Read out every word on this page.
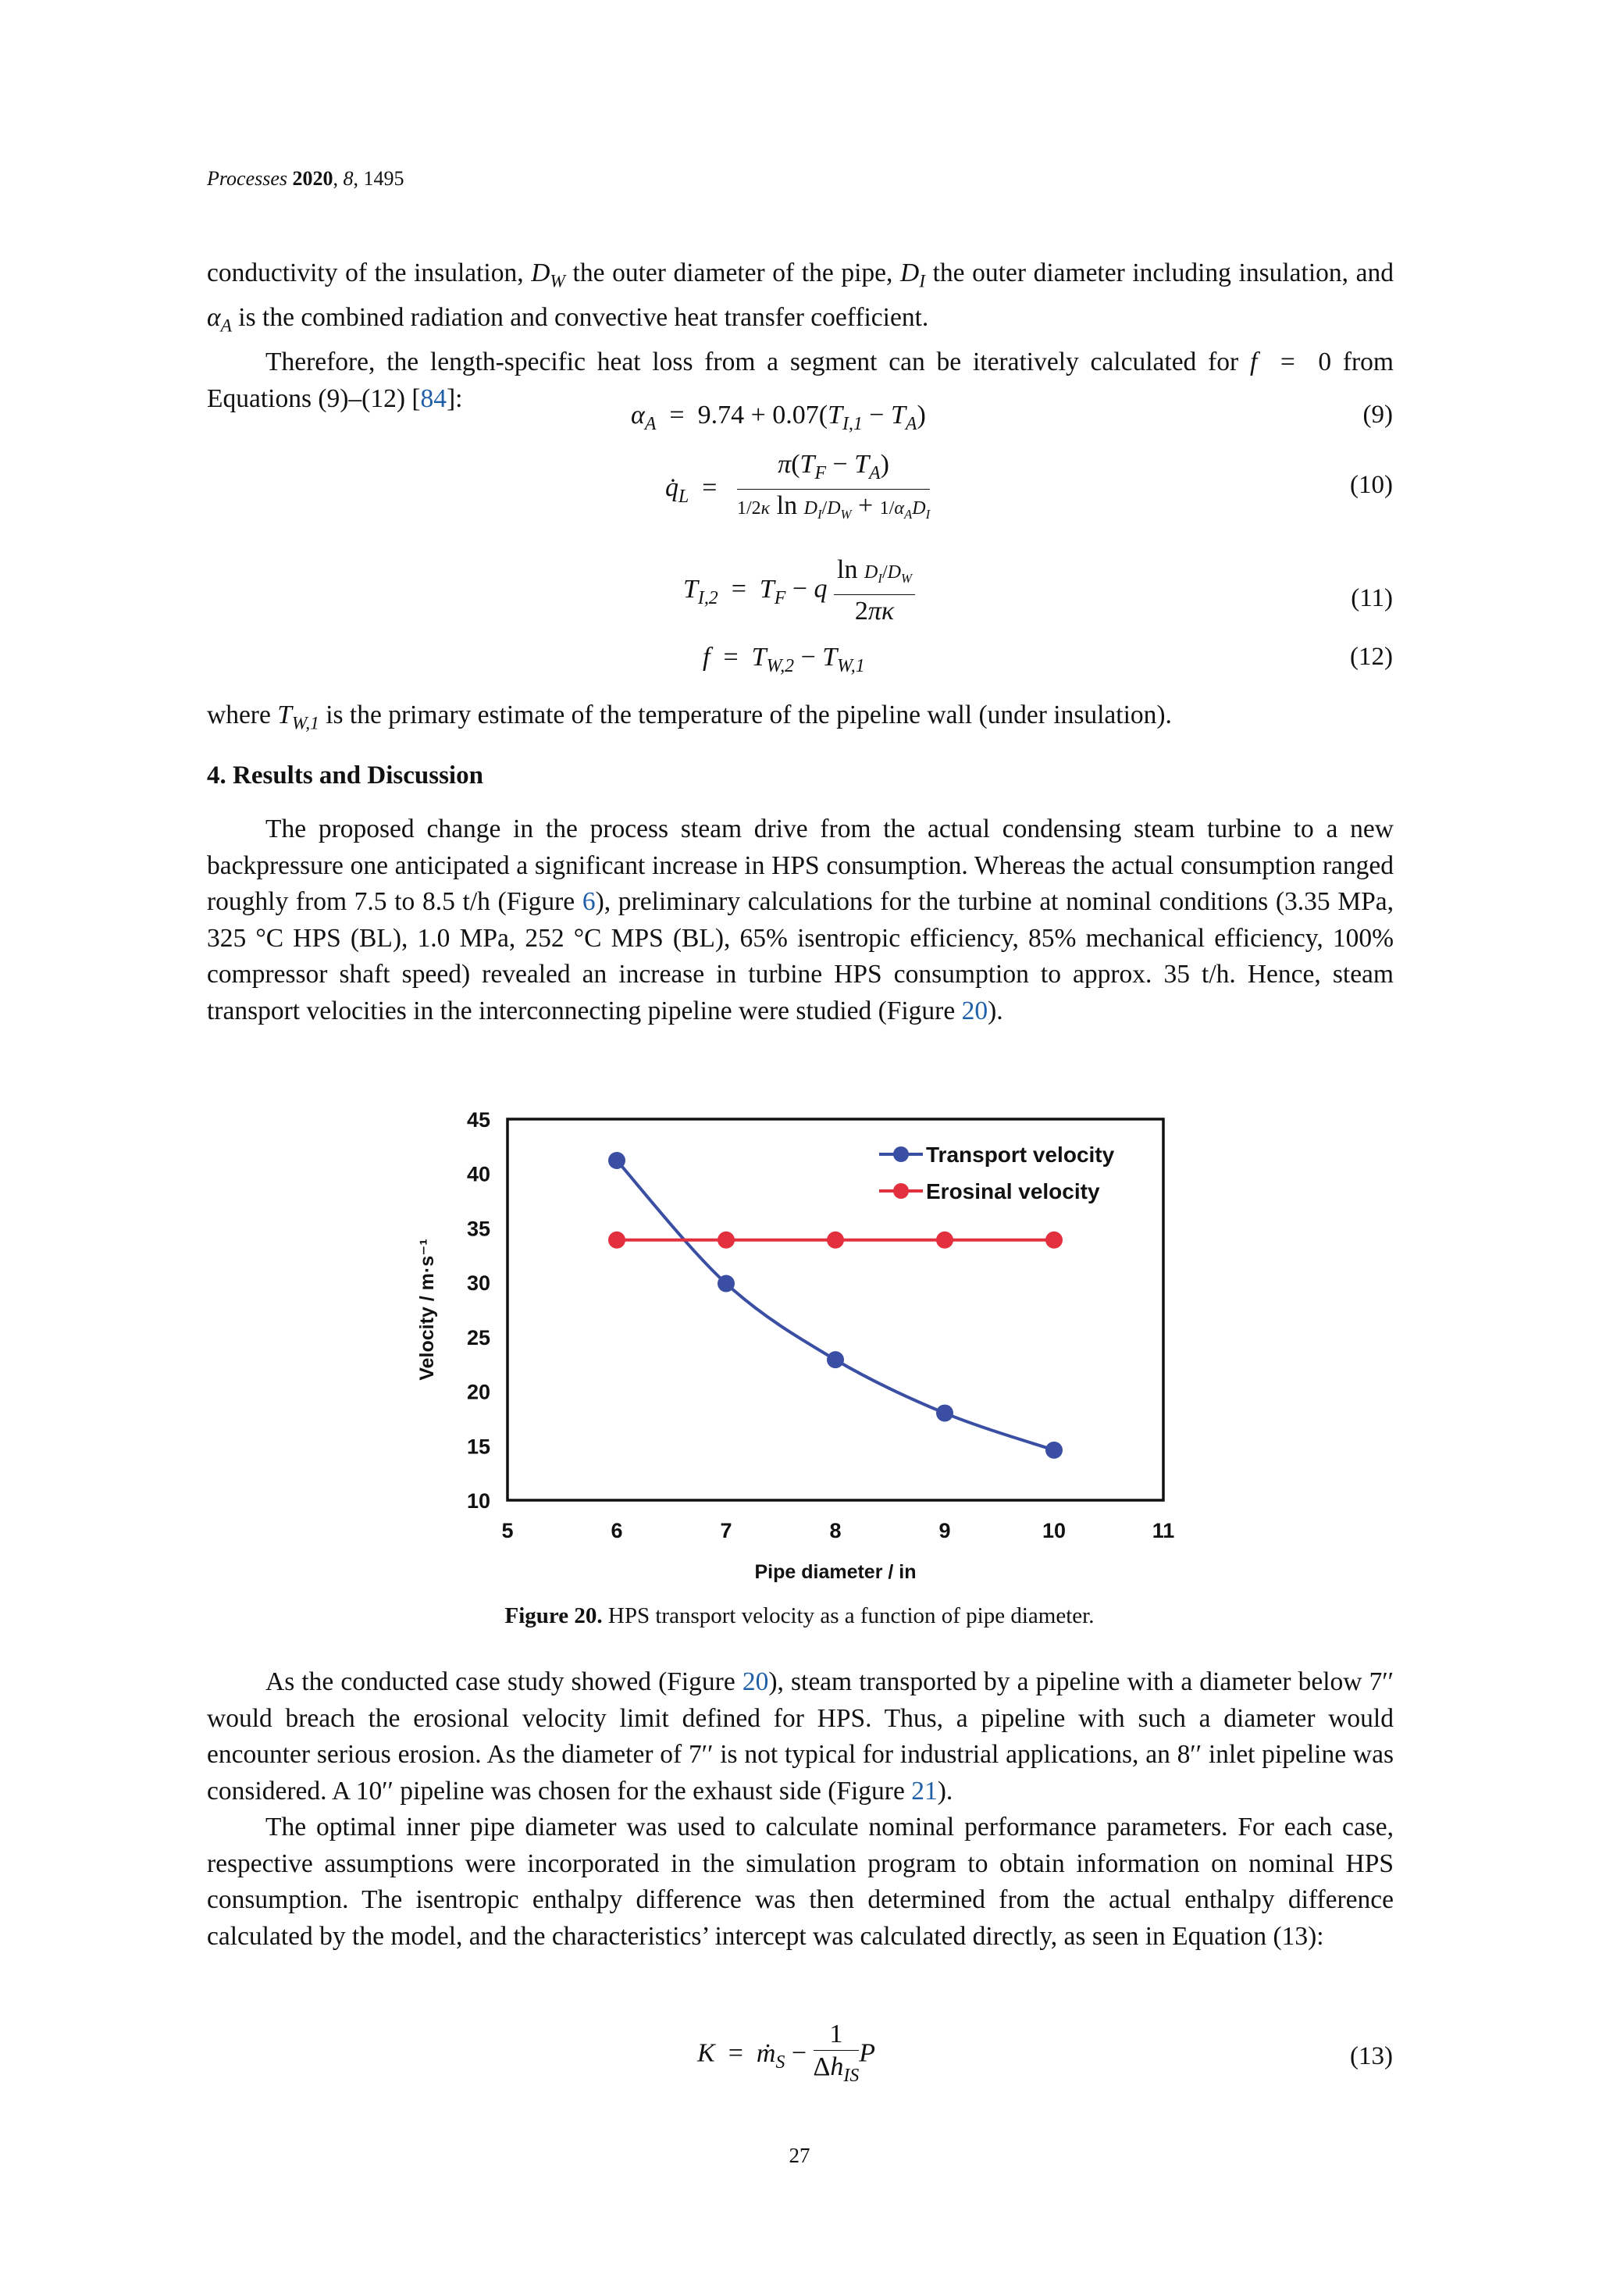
Processes 2020, 8, 1495

conductivity of the insulation, $D_W$ the outer diameter of the pipe, $D_I$ the outer diameter including insulation, and $\alpha_A$ is the combined radiation and convective heat transfer coefficient.

Therefore, the length-specific heat loss from a segment can be iteratively calculated for f  =  0 from Equations (9)–(12) [84]:

$\alpha_A = 9.74 + 0.07(T_{I,1} - T_A)$	(9)
$q̇_L = \frac{\pi(T_F - T_A)}{1/2\kappa \ln D_I/D_W + 1/\alpha_AD_I}$	(10)
$T_{I,2} = T_F - q \frac{\ln D_I/D_W}{2\pi\kappa}$	(11)
$f = T_{W,2} - T_{W,1}$	(12)

where $T_{W,1}$ is the primary estimate of the temperature of the pipeline wall (under insulation).

4. Results and Discussion

The proposed change in the process steam drive from the actual condensing steam turbine to a new backpressure one anticipated a significant increase in HPS consumption. Whereas the actual consumption ranged roughly from 7.5 to 8.5 t/h (Figure 6), preliminary calculations for the turbine at nominal conditions (3.35 MPa, 325 °C HPS (BL), 1.0 MPa, 252 °C MPS (BL), 65% isentropic efficiency, 85% mechanical efficiency, 100% compressor shaft speed) revealed an increase in turbine HPS consumption to approx. 35 t/h. Hence, steam transport velocities in the interconnecting pipeline were studied (Figure 20).

5	6	7	8	9	10	11
10
15
20
25
30
35
40
45
Pipe diameter / in
Velocity / m·s⁻¹
Transport velocity
Erosinal velocity
Figure 20. HPS transport velocity as a function of pipe diameter.

As the conducted case study showed (Figure 20), steam transported by a pipeline with a diameter below 7′′ would breach the erosional velocity limit defined for HPS. Thus, a pipeline with such a diameter would encounter serious erosion. As the diameter of 7′′ is not typical for industrial applications, an 8′′ inlet pipeline was considered. A 10′′ pipeline was chosen for the exhaust side (Figure 21).

The optimal inner pipe diameter was used to calculate nominal performance parameters. For each case, respective assumptions were incorporated in the simulation program to obtain information on nominal HPS consumption. The isentropic enthalpy difference was then determined from the actual enthalpy difference calculated by the model, and the characteristics’ intercept was calculated directly, as seen in Equation (13):

K  =  ṁ$_S$ − $\frac{1}{\Delta h_{IS}}$ P	(13)
27
